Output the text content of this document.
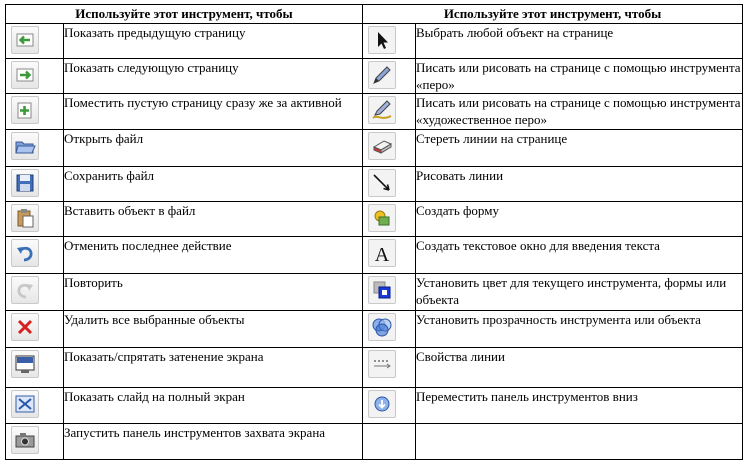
Используйте этот инструмент, чтобы		Используйте этот инструмент, чтобы	

	Показать предыдущую страницу		Выбрать любой объект на странице

	Показать следующую страницу		Писать или рисовать на странице с помощью инструмента «перо»

	Поместить пустую страницу сразу же за активной		Писать или рисовать на странице с помощью инструмента «художественное перо»

	Открыть файл		Стереть линии на странице

	Сохранить файл		Рисовать линии

	Вставить объект в файл		Создать форму

	Отменить последнее действие	A	Создать текстовое окно для введения текста

	Повторить		Установить цвет для текущего инструмента, формы или объекта

	Удалить все выбранные объекты		Установить прозрачность инструмента или объекта

	Показать/спрятать затенение экрана		Свойства линии

	Показать слайд на полный экран		Переместить панель инструментов вниз

	Запустить панель инструментов захвата экрана		
